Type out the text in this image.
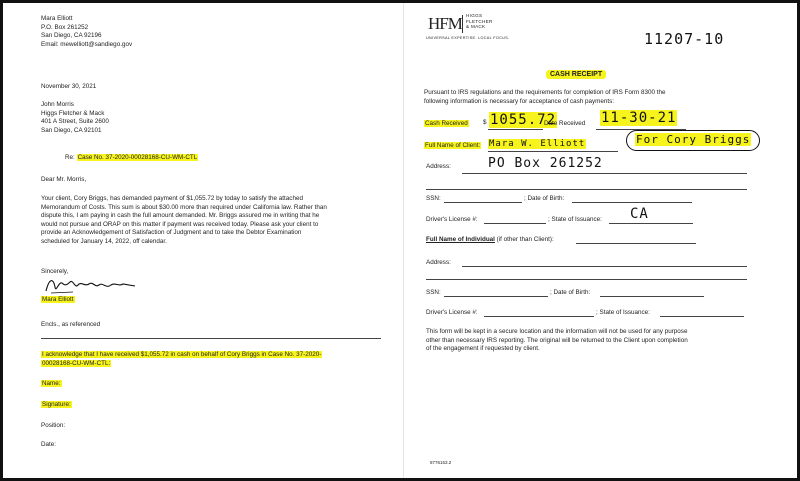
Mara Elliott
P.O. Box 261252
San Diego, CA 92196
Email: mewelliott@sandiego.gov
November 30, 2021
John Morris
Higgs Fletcher & Mack
401 A Street, Suite 2600
San Diego, CA 92101
Re: Case No. 37-2020-00028168-CU-WM-CTL
Dear Mr. Morris,
Your client, Cory Briggs, has demanded payment of $1,055.72 by today to satisfy the attached
Memorandum of Costs. This sum is about $30.00 more than required under California law. Rather than
dispute this, I am paying in cash the full amount demanded. Mr. Briggs assured me in writing that he
would not pursue and ORAP on this matter if payment was received today. Please ask your client to
provide an Acknowledgement of Satisfaction of Judgment and to take the Debtor Examination
scheduled for January 14, 2022, off calendar.
Sincerely,
Mara Elliott
Encls., as referenced
I acknowledge that I have received $1,055.72 in cash on behalf of Cory Briggs in Case No. 37-2020-
00028168-CU-WM-CTL:
Name:
Signature:
Position:
Date:
HFM HIGGS
FLETCHER
& MACK
UNIVERSAL EXPERTISE. LOCAL FOCUS.	11207-10
CASH RECEIPT
Pursuant to IRS regulations and the requirements for completion of IRS Form 8300 the
following information is necessary for acceptance of cash payments:
Cash Received $ 1055.72
Date Received 11-30-21
Full Name of Client: Mara W. Elliott	For Cory Briggs
Address:	PO Box 261252
SSN:	; Date of Birth:
Driver's License #:	; State of Issuance: CA
Full Name of Individual (if other than Client):
Address:
SSN:	; Date of Birth:
Driver's License #:	; State of Issuance:
This form will be kept in a secure location and the information will not be used for any purpose
other than necessary IRS reporting. The original will be returned to the Client upon completion
of the engagement if requested by client.
8776153.2
